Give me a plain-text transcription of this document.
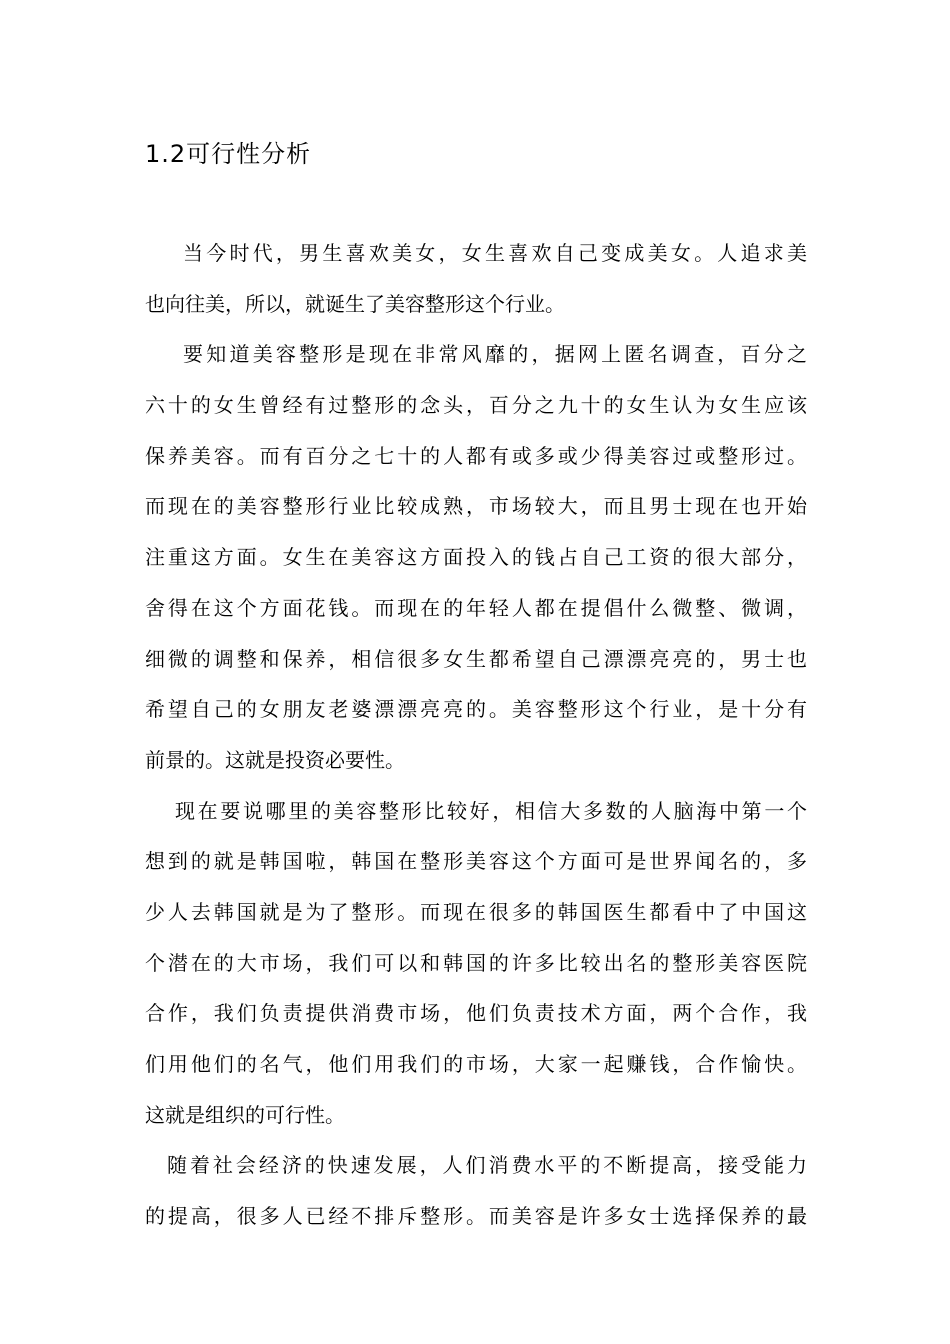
1.2可行性分析
当今时代，男生喜欢美女，女生喜欢自己变成美女。人追求美
也向往美，所以，就诞生了美容整形这个行业。
要知道美容整形是现在非常风靡的，据网上匿名调查，百分之
六十的女生曾经有过整形的念头，百分之九十的女生认为女生应该
保养美容。而有百分之七十的人都有或多或少得美容过或整形过。
而现在的美容整形行业比较成熟，市场较大，而且男士现在也开始
注重这方面。女生在美容这方面投入的钱占自己工资的很大部分，
舍得在这个方面花钱。而现在的年轻人都在提倡什么微整、微调，
细微的调整和保养，相信很多女生都希望自己漂漂亮亮的，男士也
希望自己的女朋友老婆漂漂亮亮的。美容整形这个行业，是十分有
前景的。这就是投资必要性。
现在要说哪里的美容整形比较好，相信大多数的人脑海中第一个
想到的就是韩国啦，韩国在整形美容这个方面可是世界闻名的，多
少人去韩国就是为了整形。而现在很多的韩国医生都看中了中国这
个潜在的大市场，我们可以和韩国的许多比较出名的整形美容医院
合作，我们负责提供消费市场，他们负责技术方面，两个合作，我
们用他们的名气，他们用我们的市场，大家一起赚钱，合作愉快。
这就是组织的可行性。
随着社会经济的快速发展，人们消费水平的不断提高，接受能力
的提高，很多人已经不排斥整形。而美容是许多女士选择保养的最
